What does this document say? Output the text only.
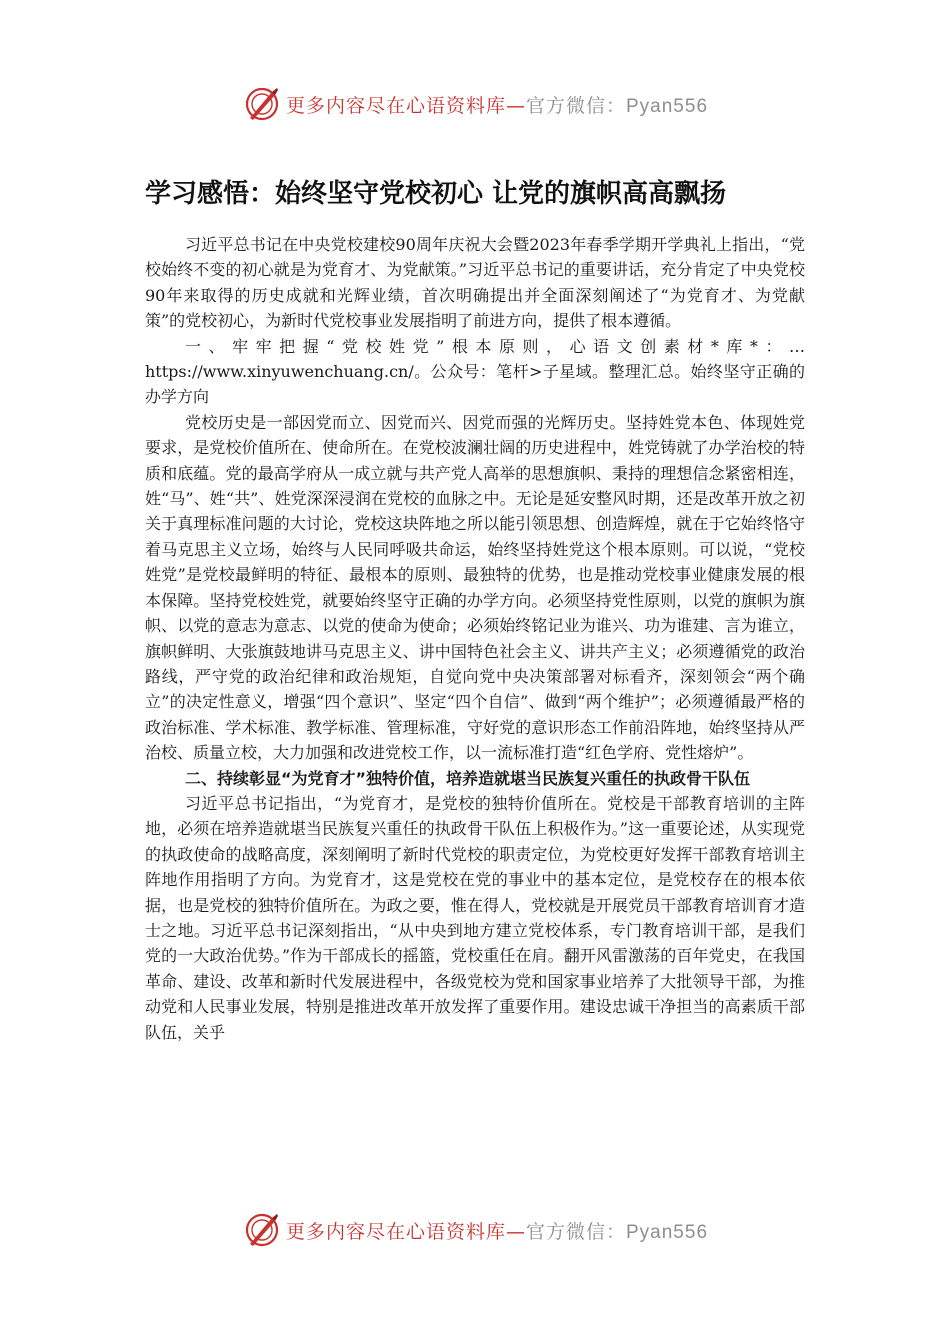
更多内容尽在心语资料库—官方微信：Pyan556
学习感悟：始终坚守党校初心 让党的旗帜高高飘扬

习近平总书记在中央党校建校90周年庆祝大会暨2023年春季学期开学典礼上指出，“党校始终不变的初心就是为党育才、为党献策。”习近平总书记的重要讲话，充分肯定了中央党校90年来取得的历史成就和光辉业绩，首次明确提出并全面深刻阐述了“为党育才、为党献策”的党校初心，为新时代党校事业发展指明了前进方向，提供了根本遵循。

一、牢牢把握“党校姓党”根本原则，心语文创素材*库*：…https://www.xinyuwenchuang.cn/。公众号：笔杆>子星域。整理汇总。始终坚守正确的办学方向

党校历史是一部因党而立、因党而兴、因党而强的光辉历史。坚持姓党本色、体现姓党要求，是党校价值所在、使命所在。在党校波澜壮阔的历史进程中，姓党铸就了办学治校的特质和底蕴。党的最高学府从一成立就与共产党人高举的思想旗帜、秉持的理想信念紧密相连，姓“马”、姓“共”、姓党深深浸润在党校的血脉之中。无论是延安整风时期，还是改革开放之初关于真理标准问题的大讨论，党校这块阵地之所以能引领思想、创造辉煌，就在于它始终恪守着马克思主义立场，始终与人民同呼吸共命运，始终坚持姓党这个根本原则。可以说，“党校姓党”是党校最鲜明的特征、最根本的原则、最独特的优势，也是推动党校事业健康发展的根本保障。坚持党校姓党，就要始终坚守正确的办学方向。必须坚持党性原则，以党的旗帜为旗帜、以党的意志为意志、以党的使命为使命；必须始终铭记业为谁兴、功为谁建、言为谁立，旗帜鲜明、大张旗鼓地讲马克思主义、讲中国特色社会主义、讲共产主义；必须遵循党的政治路线，严守党的政治纪律和政治规矩，自觉向党中央决策部署对标看齐，深刻领会“两个确立”的决定性意义，增强“四个意识”、坚定“四个自信”、做到“两个维护”；必须遵循最严格的政治标准、学术标准、教学标准、管理标准，守好党的意识形态工作前沿阵地，始终坚持从严治校、质量立校，大力加强和改进党校工作，以一流标准打造“红色学府、党性熔炉”。

二、持续彰显“为党育才”独特价值，培养造就堪当民族复兴重任的执政骨干队伍

习近平总书记指出，“为党育才，是党校的独特价值所在。党校是干部教育培训的主阵地，必须在培养造就堪当民族复兴重任的执政骨干队伍上积极作为。”这一重要论述，从实现党的执政使命的战略高度，深刻阐明了新时代党校的职责定位，为党校更好发挥干部教育培训主阵地作用指明了方向。为党育才，这是党校在党的事业中的基本定位，是党校存在的根本依据，也是党校的独特价值所在。为政之要，惟在得人，党校就是开展党员干部教育培训育才造士之地。习近平总书记深刻指出，“从中央到地方建立党校体系，专门教育培训干部，是我们党的一大政治优势。”作为干部成长的摇篮，党校重任在肩。翻开风雷激荡的百年党史，在我国革命、建设、改革和新时代发展进程中，各级党校为党和国家事业培养了大批领导干部，为推动党和人民事业发展，特别是推进改革开放发挥了重要作用。建设忠诚干净担当的高素质干部队伍，关乎

更多内容尽在心语资料库—官方微信：Pyan556
